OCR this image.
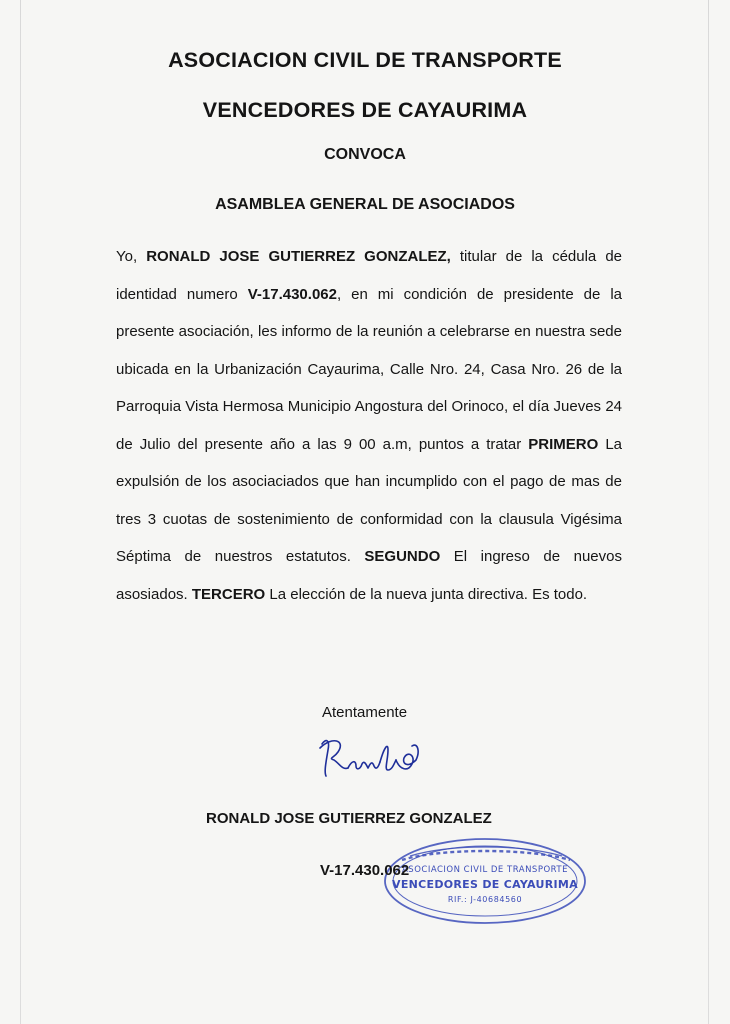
ASOCIACION CIVIL DE TRANSPORTE
VENCEDORES DE CAYAURIMA
CONVOCA
ASAMBLEA GENERAL DE ASOCIADOS
Yo, RONALD JOSE GUTIERREZ GONZALEZ, titular de la cédula de identidad numero V-17.430.062, en mi condición de presidente de la presente asociación, les informo de la reunión a celebrarse en nuestra sede ubicada en la Urbanización Cayaurima, Calle Nro. 24, Casa Nro. 26 de la Parroquia Vista Hermosa Municipio Angostura del Orinoco, el día Jueves 24 de Julio del presente año a las 9 00 a.m, puntos a tratar PRIMERO La expulsión de los asociaciados que han incumplido con el pago de mas de tres 3 cuotas de sostenimiento de conformidad con la clausula Vigésima Séptima de nuestros estatutos. SEGUNDO El ingreso de nuevos asosiados. TERCERO La elección de la nueva junta directiva. Es todo.
Atentamente
ASOCIACION CIVIL DE TRANSPORTE
VENCEDORES DE CAYAURIMA
RIF.: J-40684560
RONALD JOSE GUTIERREZ GONZALEZ
V-17.430.062
